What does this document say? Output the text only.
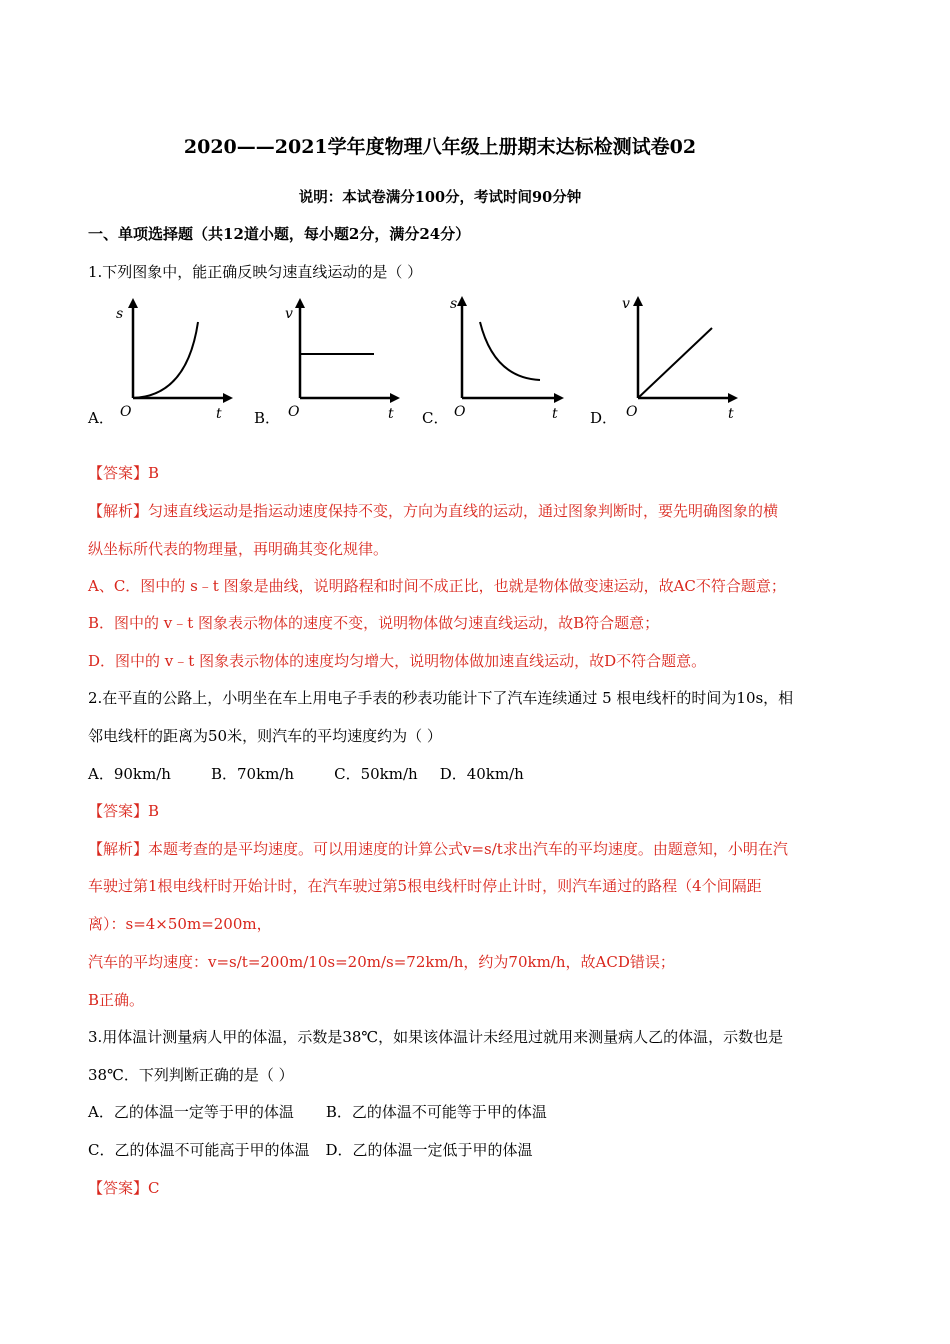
2020——2021学年度物理八年级上册期末达标检测试卷02
说明：本试卷满分100分，考试时间90分钟
一、单项选择题（共12道小题，每小题2分，满分24分）
1.下列图象中，能正确反映匀速直线运动的是（ ）
A．	B．	C．	D．
s
O	t
v
O	t
s
O	t
v
O	t
【答案】B
【解析】匀速直线运动是指运动速度保持不变，方向为直线的运动，通过图象判断时，要先明确图象的横
纵坐标所代表的物理量，再明确其变化规律。
A、C．图中的 s﹣t 图象是曲线，说明路程和时间不成正比，也就是物体做变速运动，故AC不符合题意；
B．图中的 v﹣t 图象表示物体的速度不变，说明物体做匀速直线运动，故B符合题意；
D．图中的 v﹣t 图象表示物体的速度均匀增大，说明物体做加速直线运动，故D不符合题意。
2.在平直的公路上，小明坐在车上用电子手表的秒表功能计下了汽车连续通过 5 根电线杆的时间为10s，相
邻电线杆的距离为50米，则汽车的平均速度约为（ ）
A．90km/h	B．70km/h	C．50km/h D．40km/h
【答案】B
【解析】本题考查的是平均速度。可以用速度的计算公式v=s/t求出汽车的平均速度。由题意知，小明在汽
车驶过第1根电线杆时开始计时，在汽车驶过第5根电线杆时停止计时，则汽车通过的路程（4个间隔距
离）：s=4×50m=200m，
汽车的平均速度：v=s/t=200m/10s=20m/s=72km/h，约为70km/h，故ACD错误；
B正确。
3.用体温计测量病人甲的体温，示数是38℃，如果该体温计未经甩过就用来测量病人乙的体温，示数也是
38℃．下列判断正确的是（ ）
A．乙的体温一定等于甲的体温 B．乙的体温不可能等于甲的体温
C．乙的体温不可能高于甲的体温 D．乙的体温一定低于甲的体温
【答案】C
